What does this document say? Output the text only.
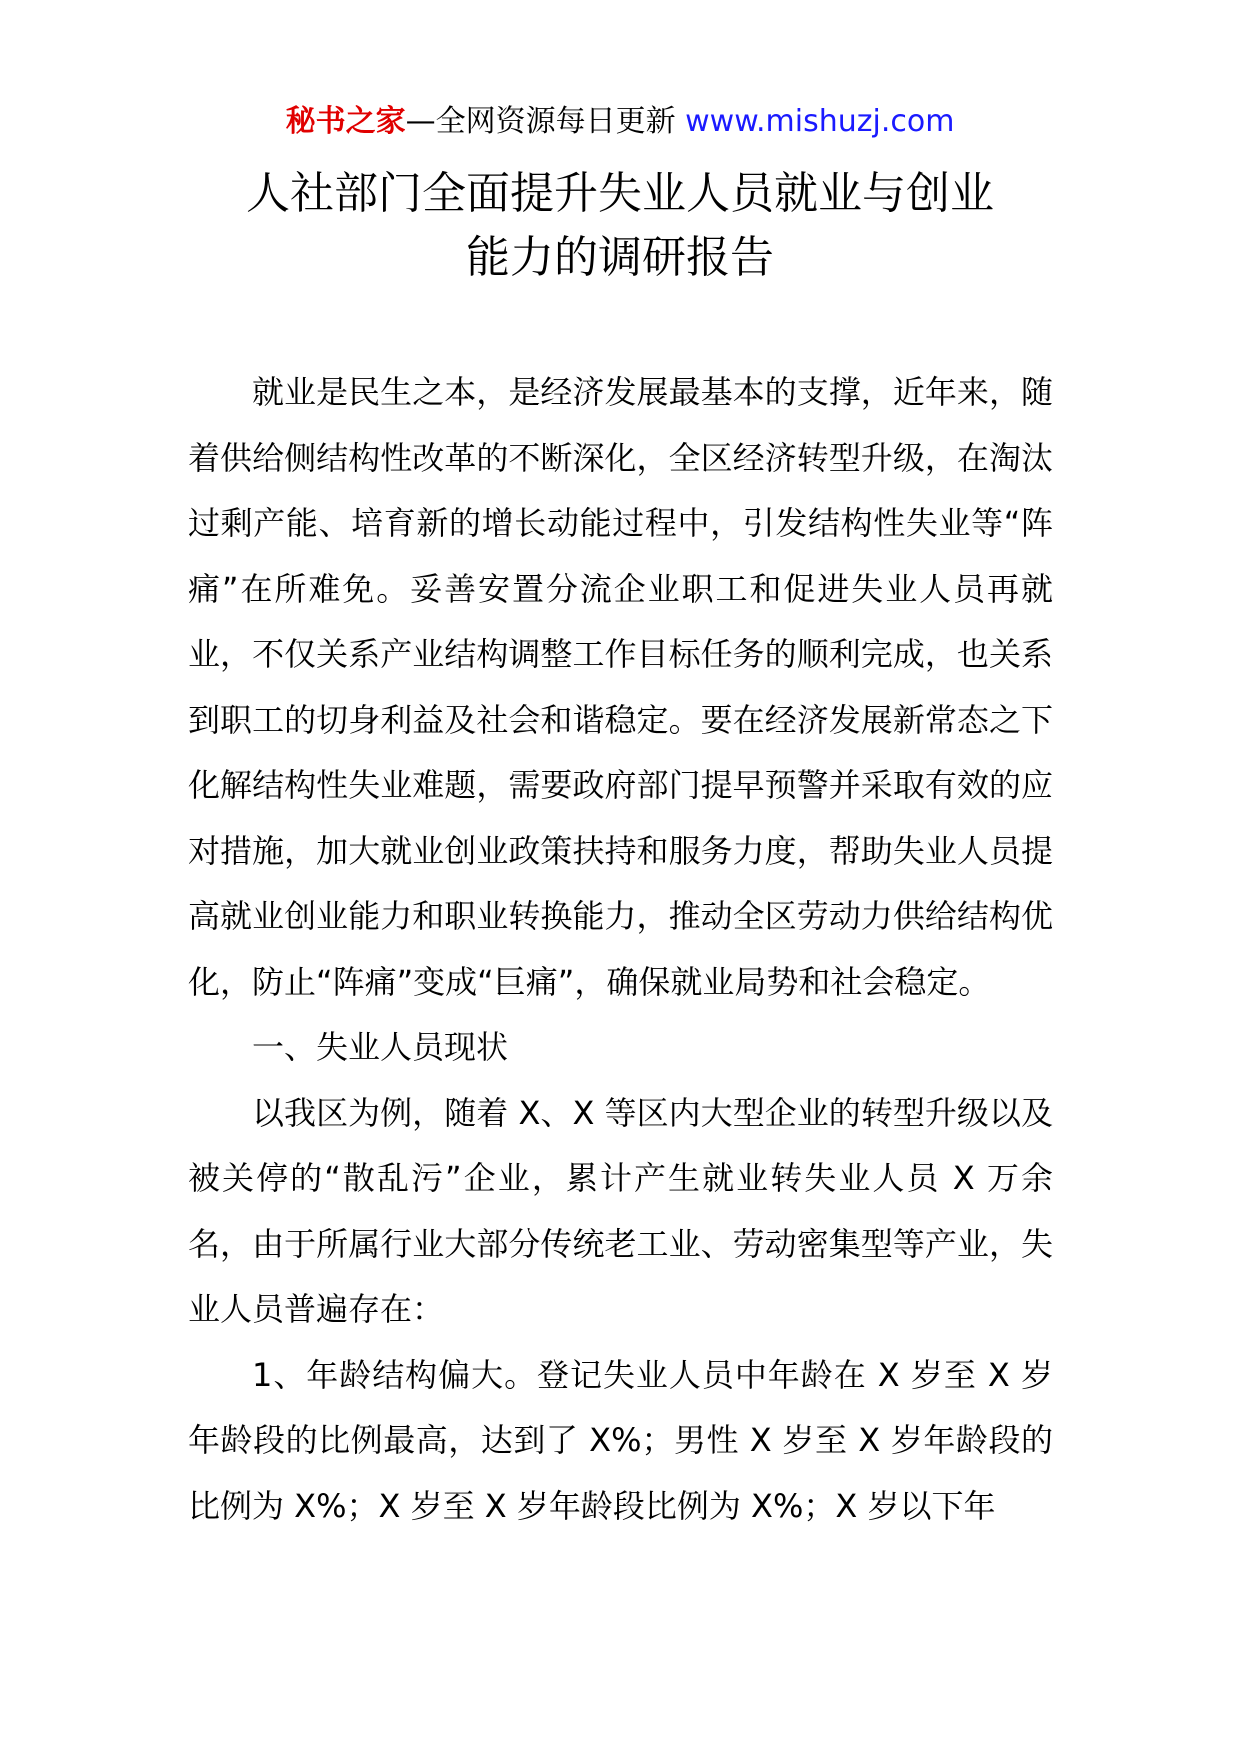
秘书之家—全网资源每日更新 www.mishuzj.com
人社部门全面提升失业人员就业与创业
能力的调研报告

就业是民生之本，是经济发展最基本的支撑，近年来，随着供给侧结构性改革的不断深化，全区经济转型升级，在淘汰过剩产能、培育新的增长动能过程中，引发结构性失业等“阵痛”在所难免。妥善安置分流企业职工和促进失业人员再就业，不仅关系产业结构调整工作目标任务的顺利完成，也关系到职工的切身利益及社会和谐稳定。要在经济发展新常态之下化解结构性失业难题，需要政府部门提早预警并采取有效的应对措施，加大就业创业政策扶持和服务力度，帮助失业人员提高就业创业能力和职业转换能力，推动全区劳动力供给结构优化，防止“阵痛”变成“巨痛”，确保就业局势和社会稳定。

一、失业人员现状

以我区为例，随着 X、X 等区内大型企业的转型升级以及被关停的“散乱污”企业，累计产生就业转失业人员 X 万余名，由于所属行业大部分传统老工业、劳动密集型等产业，失业人员普遍存在：

1、年龄结构偏大。登记失业人员中年龄在 X 岁至 X 岁年龄段的比例最高，达到了 X%；男性 X 岁至 X 岁年龄段的比例为 X%；X 岁至 X 岁年龄段比例为 X%；X 岁以下年
